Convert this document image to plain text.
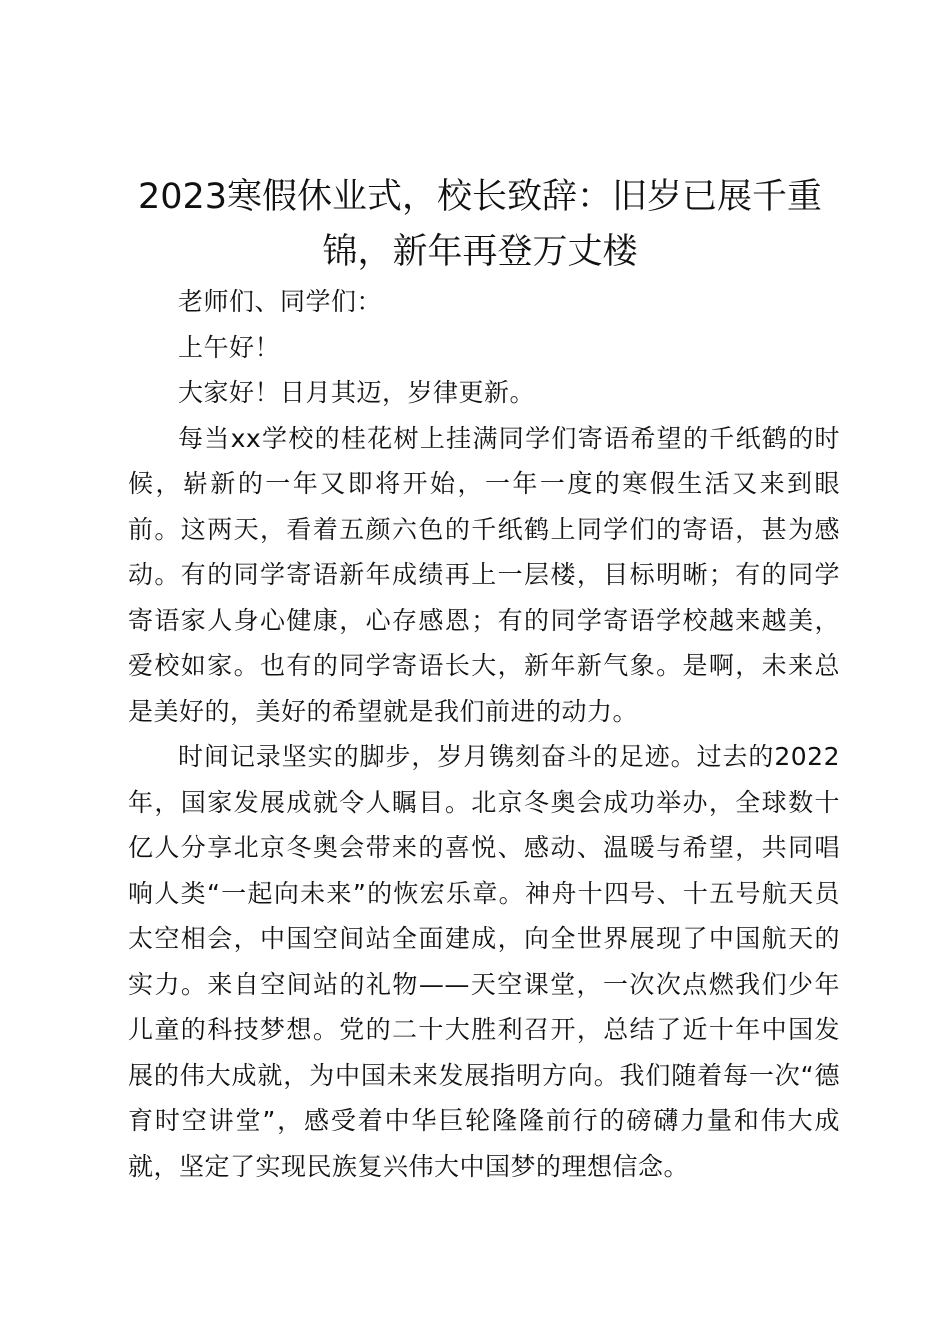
2023寒假休业式，校长致辞：旧岁已展千重锦，新年再登万丈楼

老师们、同学们：

上午好！

大家好！日月其迈，岁律更新。

每当xx学校的桂花树上挂满同学们寄语希望的千纸鹤的时候，崭新的一年又即将开始，一年一度的寒假生活又来到眼前。这两天，看着五颜六色的千纸鹤上同学们的寄语，甚为感动。有的同学寄语新年成绩再上一层楼，目标明晰；有的同学寄语家人身心健康，心存感恩；有的同学寄语学校越来越美，爱校如家。也有的同学寄语长大，新年新气象。是啊，未来总是美好的，美好的希望就是我们前进的动力。

时间记录坚实的脚步，岁月镌刻奋斗的足迹。过去的2022年，国家发展成就令人瞩目。北京冬奥会成功举办，全球数十亿人分享北京冬奥会带来的喜悦、感动、温暖与希望，共同唱响人类“一起向未来”的恢宏乐章。神舟十四号、十五号航天员太空相会，中国空间站全面建成，向全世界展现了中国航天的实力。来自空间站的礼物——天空课堂，一次次点燃我们少年儿童的科技梦想。党的二十大胜利召开，总结了近十年中国发展的伟大成就，为中国未来发展指明方向。我们随着每一次“德育时空讲堂”，感受着中华巨轮隆隆前行的磅礴力量和伟大成就，坚定了实现民族复兴伟大中国梦的理想信念。
